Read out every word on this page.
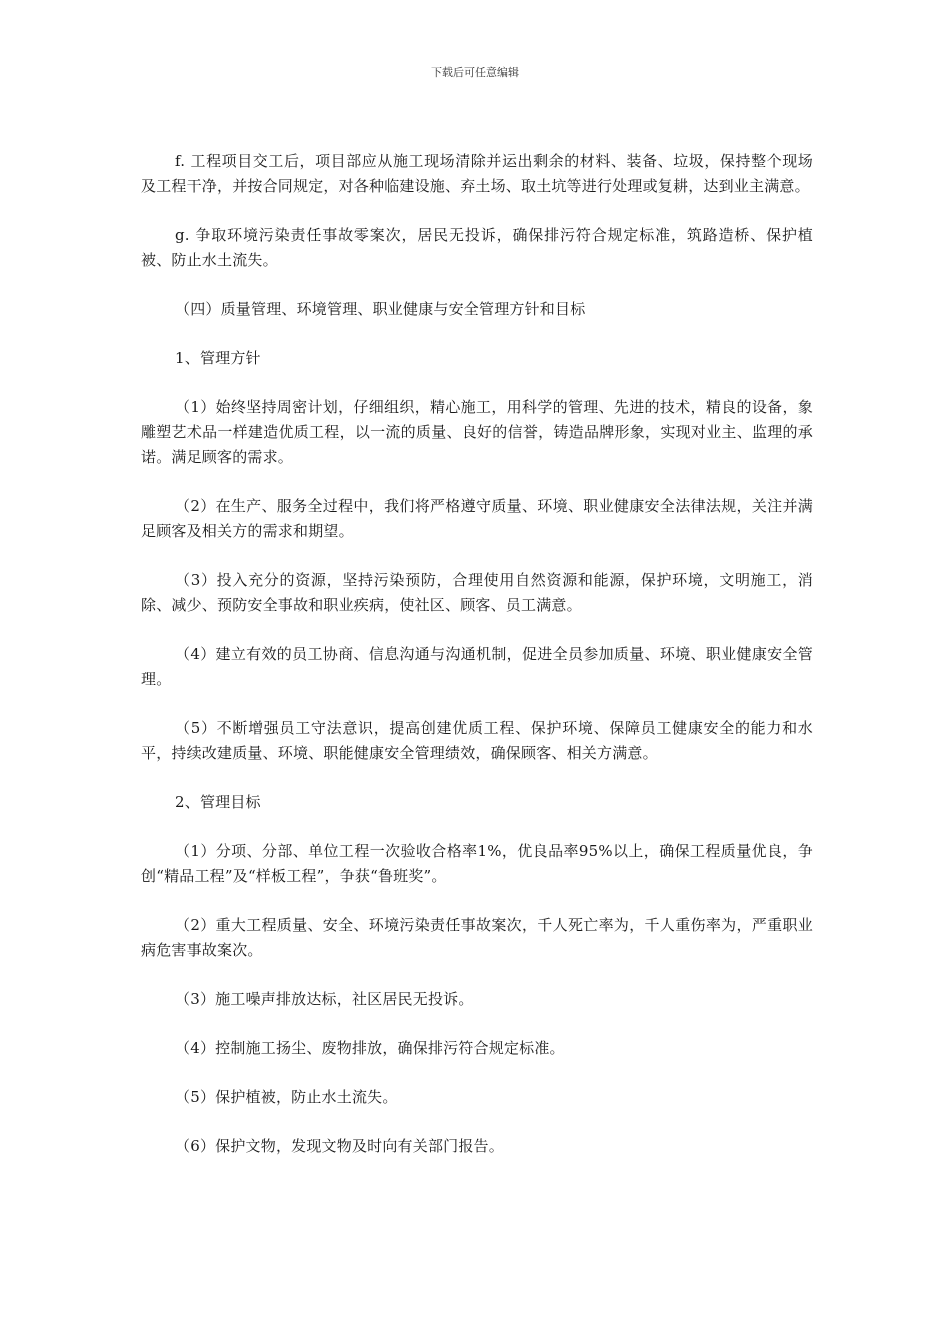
下载后可任意编辑

f. 工程项目交工后，项目部应从施工现场清除并运出剩余的材料、装备、垃圾，保持整个现场及工程干净，并按合同规定，对各种临建设施、弃土场、取土坑等进行处理或复耕，达到业主满意。

g. 争取环境污染责任事故零案次，居民无投诉，确保排污符合规定标准，筑路造桥、保护植被、防止水土流失。

（四）质量管理、环境管理、职业健康与安全管理方针和目标

1、管理方针

（1）始终坚持周密计划，仔细组织，精心施工，用科学的管理、先进的技术，精良的设备，象雕塑艺术品一样建造优质工程，以一流的质量、良好的信誉，铸造品牌形象，实现对业主、监理的承诺。满足顾客的需求。

（2）在生产、服务全过程中，我们将严格遵守质量、环境、职业健康安全法律法规，关注并满足顾客及相关方的需求和期望。

（3）投入充分的资源，坚持污染预防，合理使用自然资源和能源，保护环境，文明施工，消除、减少、预防安全事故和职业疾病，使社区、顾客、员工满意。

（4）建立有效的员工协商、信息沟通与沟通机制，促进全员参加质量、环境、职业健康安全管理。

（5）不断增强员工守法意识，提高创建优质工程、保护环境、保障员工健康安全的能力和水平，持续改建质量、环境、职能健康安全管理绩效，确保顾客、相关方满意。

2、管理目标

（1）分项、分部、单位工程一次验收合格率1%，优良品率95%以上，确保工程质量优良，争创“精品工程”及“样板工程”，争获“鲁班奖”。

（2）重大工程质量、安全、环境污染责任事故案次，千人死亡率为，千人重伤率为，严重职业病危害事故案次。

（3）施工噪声排放达标，社区居民无投诉。

（4）控制施工扬尘、废物排放，确保排污符合规定标准。

（5）保护植被，防止水土流失。

（6）保护文物，发现文物及时向有关部门报告。
